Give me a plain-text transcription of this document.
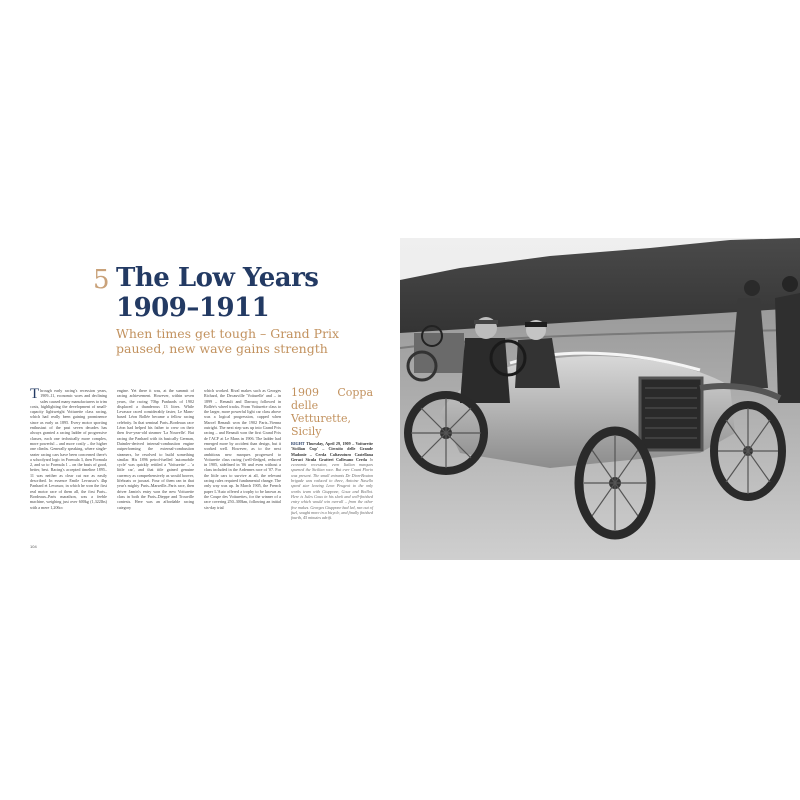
5 The Low Years 1909–1911
When times get tough – Grand Prix paused, new wave gains strength
T hrough early racing's recession years, 1909–11, economic woes and declining sales caused many manufacturers to trim costs, highlighting the development of small-capacity lightweight Voiturette class racing, which had really been gaining prominence since as early as 1895. Every motor sporting enthusiast of the past seven decades has always granted a racing ladder of progressive classes, each one technically more complex, more powerful – and more costly – the higher one climbs. Generally speaking, where single-seater racing cars have been concerned there's a schoolyard logic in Formula 3, then Formula 2, and so to Formula 1 – on the basis of good, better, best. Racing's accepted timeline 1895–11 was neither as clear cut nor as easily described. In essence Emile Levassor's 4hp Panhard et Levassor, in which he won the first real motor race of them all, the first Paris–Bordeaux–Paris marathon, was a feeble machine, weighing just over 600kg (1,322lbs) with a mere 1,206cc
engine. Yet there it was, at the summit of racing achievement. However, within seven years, the racing 70hp Panhards of 1902 displaced a thunderous 13 litres. While Levassor raced considerably faster, Le Mans-based Léon Bollée became a fellow racing celebrity. In that seminal Paris–Bordeaux race Léon had helped his father to crew on their then five-year-old steamer 'La Nouvelle'. But racing the Panhard with its basically German, Daimler-derived internal-combustion engine outperforming the external-combustion steamers, he resolved to build something similar. His 1896 petrol-fuelled 'automobile cycle' was quickly retitled a 'Voiturette' – 'a little car', and that title gained genuine currency as comprehensively as would hoover, lifeboats or jacuzzi. Four of them ran in that year's mighty Paris–Marseille–Paris race, then driver Jamin's entry won the new Voiturette class in both the Paris–Dieppe and Trouville contests. Here was an affordable racing category
which worked. Rival makes such as Georges Richard, the Decauville 'Voiturelle' and – in 1899 – Renault and Darracq followed in Bollée's wheel tracks. From Voiturette class to the larger, more powerful light car class above was a logical progression, capped when Marcel Renault won the 1902 Paris–Vienna outright. The next step was up into Grand Prix racing – and Renault won the first Grand Prix de l'ACF at Le Mans in 1906. The ladder had emerged more by accident than design, but it worked well. However, as to the next ambitious new marques progressed to Voiturette class racing (well-fledged, reduced in 1905, sidelined in '06 and even without a class included in the Ardennes race of '07. For the little cars to survive at all, the relevant racing rules required fundamental change. The only way was up. In March 1905, the French paper L'Auto offered a trophy to be known as the Coupe des Voiturettes, for the winner of a race covering 250–300km, following an initial six-day trial
1909 Coppa delle Vetturette, Sicily
RIGHT Thursday, April 29, 1909 – Voiturette 'Sicilian Cup' – Circuito delle Grande Madonie – Cerda Caltavuturo Castellana Geraci Sicula Gratteri Collesano Cerda In economic recession, even Italian marques spurned the Sicilian race. But ever Count Florio was present. The small entrants De Dion-Bouton brigade was reduced to three, Antoine Nasello speed star leaving Leon Peugeot to the only works team with Giuppone, Goux and Boillot. Here is Jules Goux in his sleek and well-finished entry which would win overall – from the other five makes. Georges Giuppone had led, ran out of fuel, sought more in a bicycle, and finally finished fourth, 45 minutes adrift.
104
